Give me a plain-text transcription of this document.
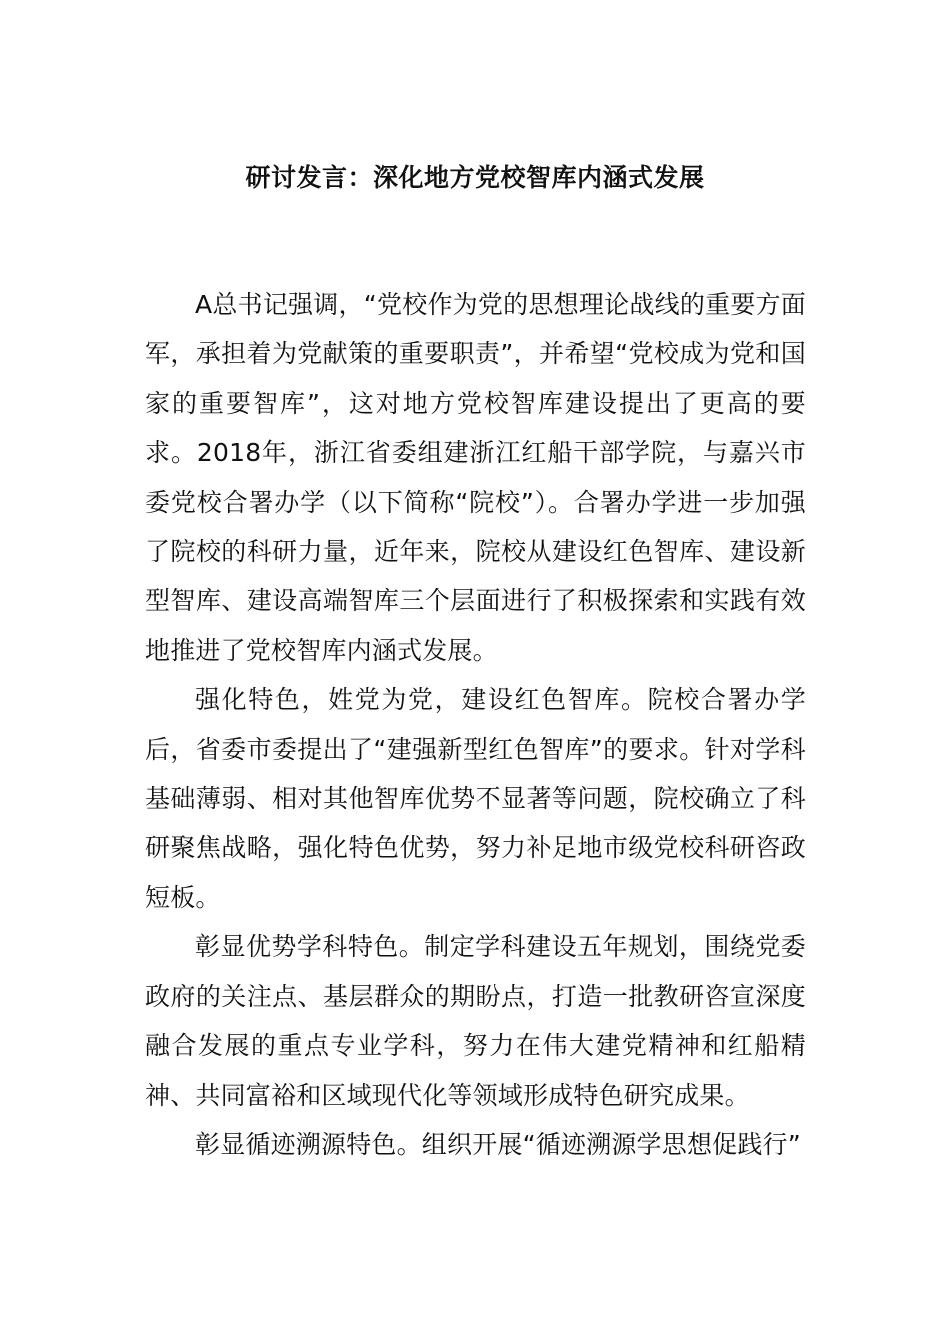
研讨发言：深化地方党校智库内涵式发展

A总书记强调，“党校作为党的思想理论战线的重要方面军，承担着为党献策的重要职责”，并希望“党校成为党和国家的重要智库”，这对地方党校智库建设提出了更高的要求。2018年，浙江省委组建浙江红船干部学院，与嘉兴市委党校合署办学（以下简称“院校”）。合署办学进一步加强了院校的科研力量，近年来，院校从建设红色智库、建设新型智库、建设高端智库三个层面进行了积极探索和实践有效地推进了党校智库内涵式发展。

强化特色，姓党为党，建设红色智库。院校合署办学后，省委市委提出了“建强新型红色智库”的要求。针对学科基础薄弱、相对其他智库优势不显著等问题，院校确立了科研聚焦战略，强化特色优势，努力补足地市级党校科研咨政短板。

彰显优势学科特色。制定学科建设五年规划，围绕党委政府的关注点、基层群众的期盼点，打造一批教研咨宣深度融合发展的重点专业学科，努力在伟大建党精神和红船精神、共同富裕和区域现代化等领域形成特色研究成果。

彰显循迹溯源特色。组织开展“循迹溯源学思想促践行”
